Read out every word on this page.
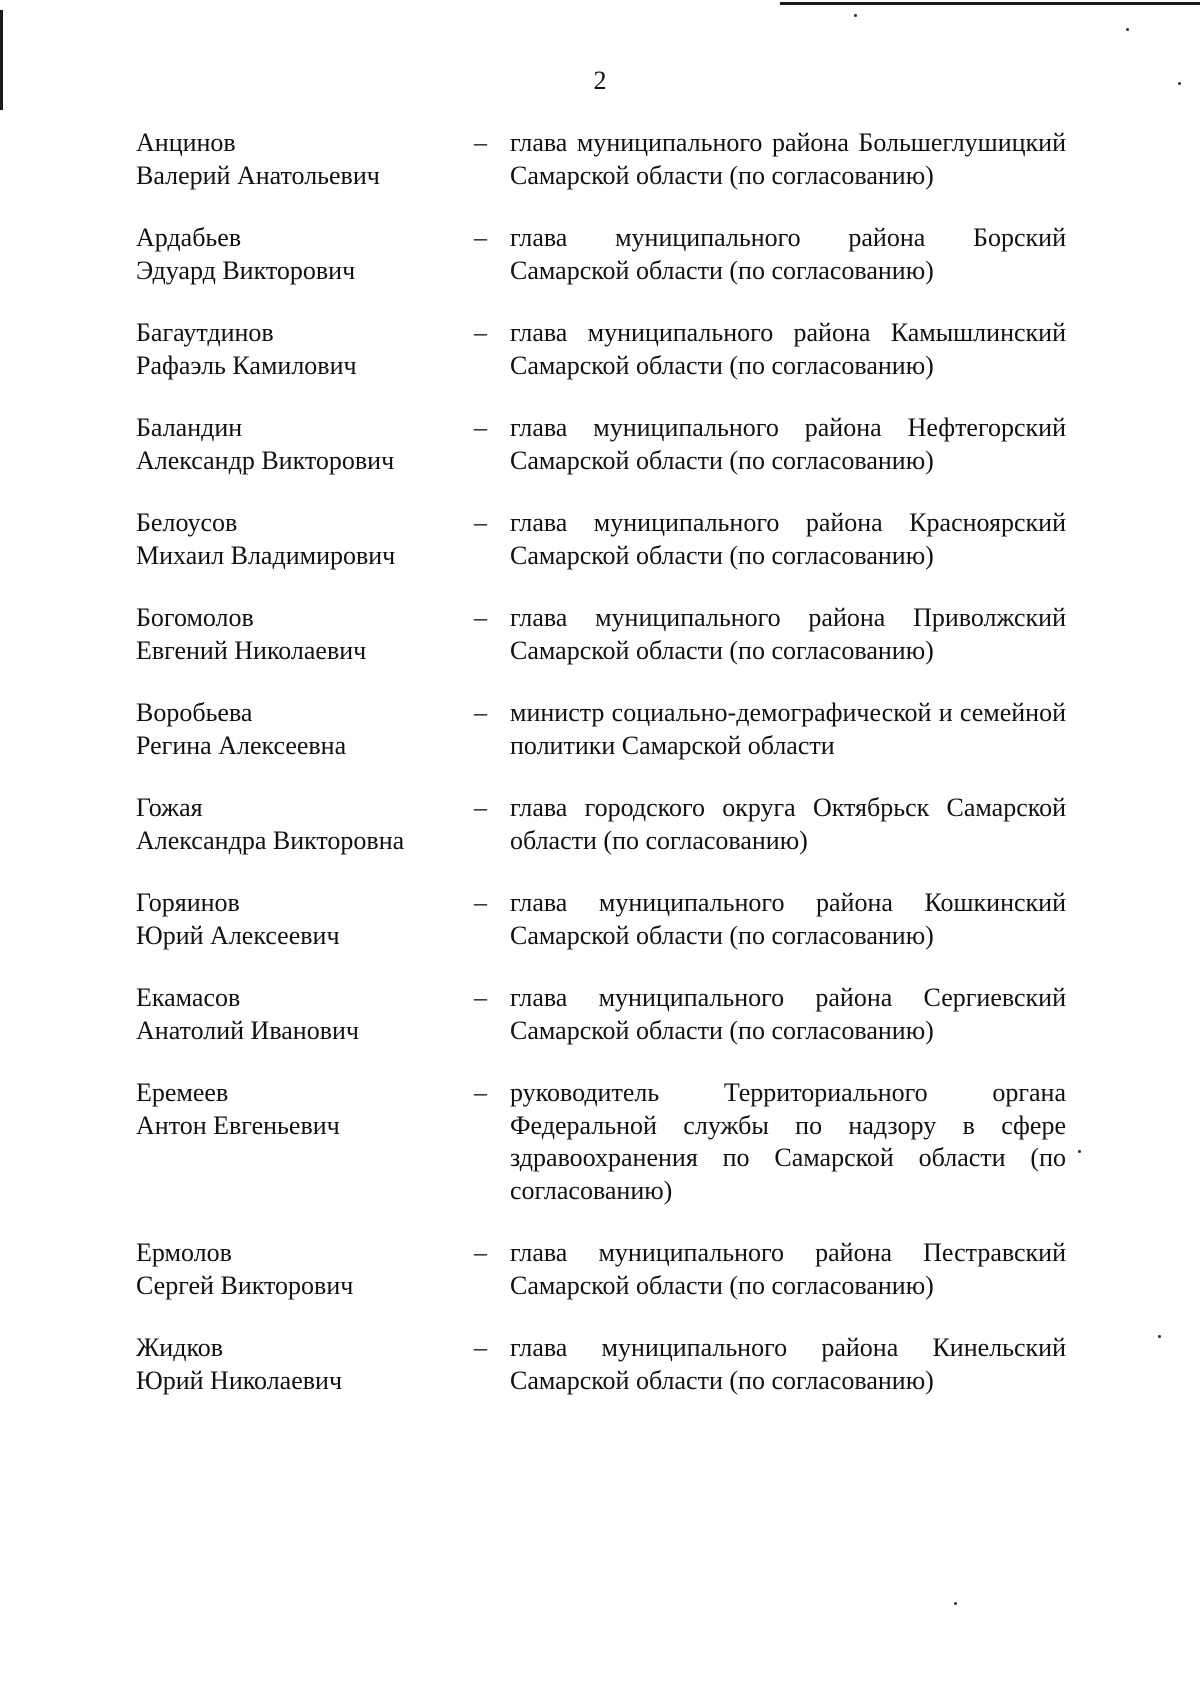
2
Анцинов
Валерий Анатольевич
– глава муниципального района Большеглушицкий Самарской области (по согласованию)
Ардабьев
Эдуард Викторович
– глава муниципального района Борский Самарской области (по согласованию)
Багаутдинов
Рафаэль Камилович
– глава муниципального района Камышлинский Самарской области (по согласованию)
Баландин
Александр Викторович
– глава муниципального района Нефтегорский Самарской области (по согласованию)
Белоусов
Михаил Владимирович
– глава муниципального района Красноярский Самарской области (по согласованию)
Богомолов
Евгений Николаевич
– глава муниципального района Приволжский Самарской области (по согласованию)
Воробьева
Регина Алексеевна
– министр социально-демографической и семейной политики Самарской области
Гожая
Александра Викторовна
– глава городского округа Октябрьск Самарской области (по согласованию)
Горяинов
Юрий Алексеевич
– глава муниципального района Кошкинский Самарской области (по согласованию)
Екамасов
Анатолий Иванович
– глава муниципального района Сергиевский Самарской области (по согласованию)
Еремеев
Антон Евгеньевич
– руководитель Территориального органа Федеральной службы по надзору в сфере здравоохранения по Самарской области (по согласованию)
Ермолов
Сергей Викторович
– глава муниципального района Пестравский Самарской области (по согласованию)
Жидков
Юрий Николаевич
– глава муниципального района Кинельский Самарской области (по согласованию)
